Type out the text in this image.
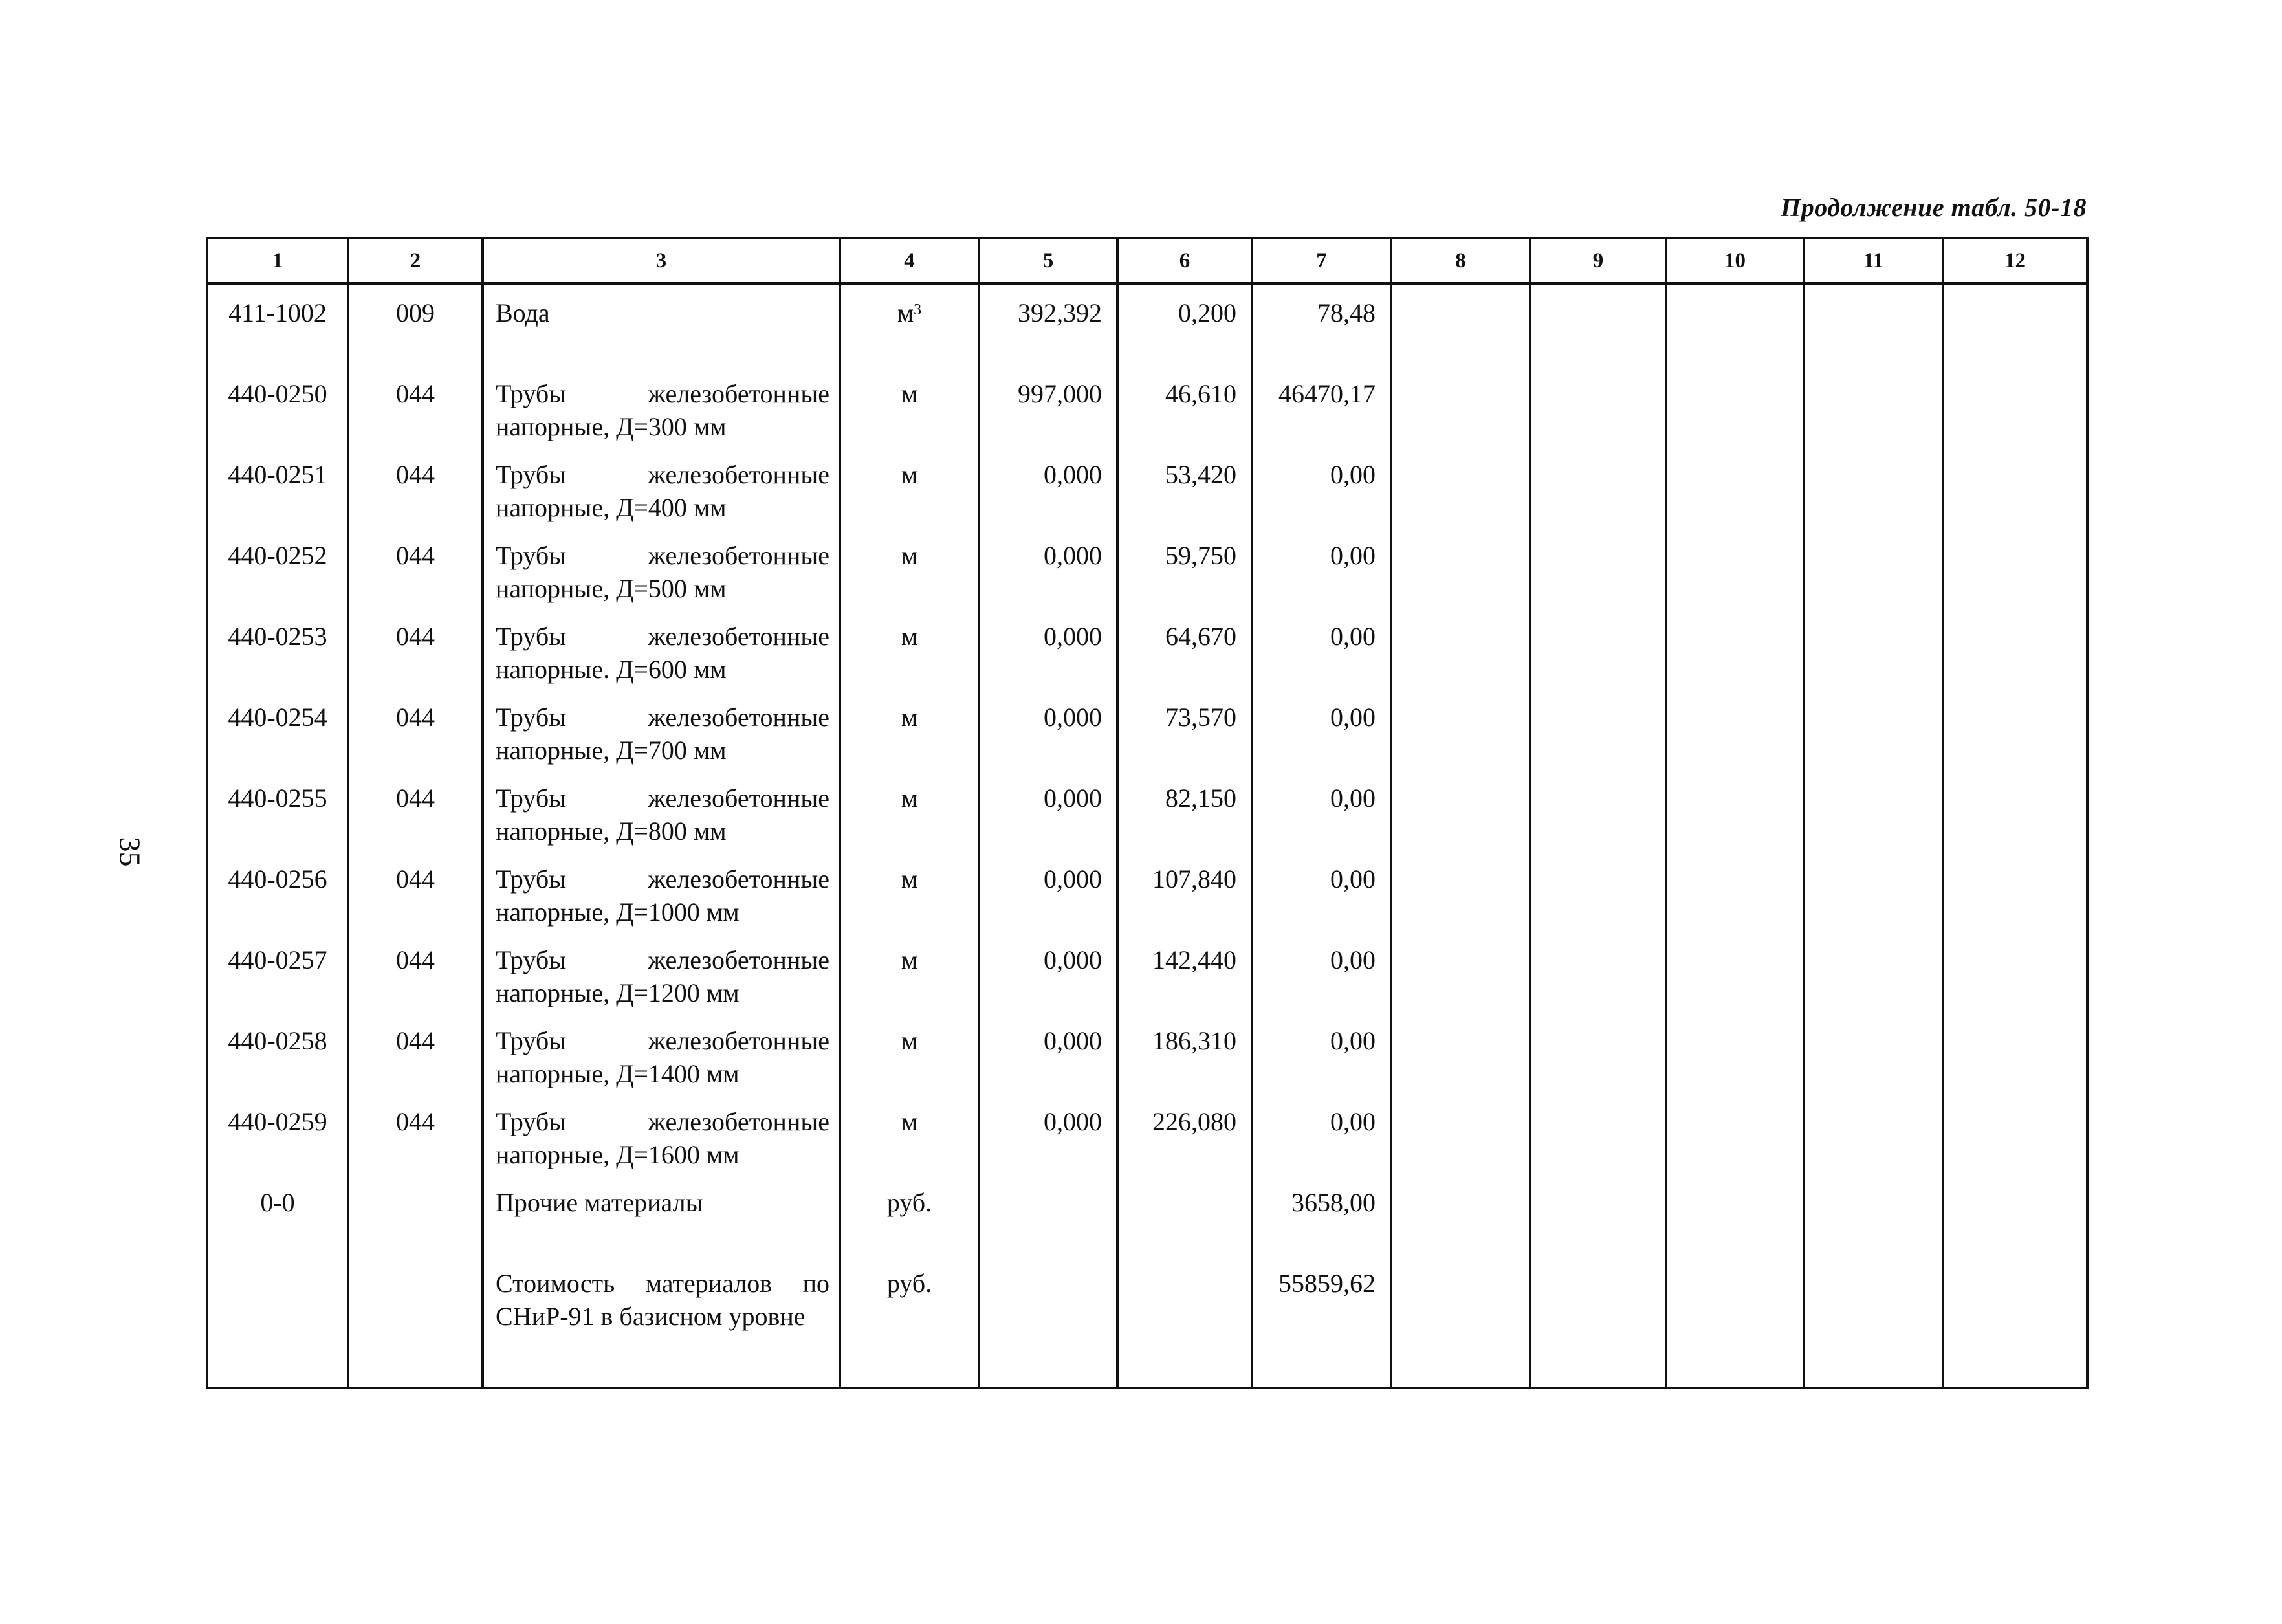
Продолжение табл. 50-18
35
1	2	3	4	5	6	7	8	9	10	11	12
411-1002	009	Вода	$м^3$	392,392	0,200	78,48					
440-0250	044	Трубы железобетонные напорные, Д=300 мм	м	997,000	46,610	46470,17					
440-0251	044	Трубы железобетонные напорные, Д=400 мм	м	0,000	53,420	0,00					
440-0252	044	Трубы железобетонные напорные, Д=500 мм	м	0,000	59,750	0,00					
440-0253	044	Трубы железобетонные напорные. Д=600 мм	м	0,000	64,670	0,00					
440-0254	044	Трубы железобетонные напорные, Д=700 мм	м	0,000	73,570	0,00					
440-0255	044	Трубы железобетонные напорные, Д=800 мм	м	0,000	82,150	0,00					
440-0256	044	Трубы железобетонные напорные, Д=1000 мм	м	0,000	107,840	0,00					
440-0257	044	Трубы железобетонные напорные, Д=1200 мм	м	0,000	142,440	0,00					
440-0258	044	Трубы железобетонные напорные, Д=1400 мм	м	0,000	186,310	0,00					
440-0259	044	Трубы железобетонные напорные, Д=1600 мм	м	0,000	226,080	0,00					
0-0		Прочие материалы	руб.			3658,00					
		Стоимость материалов по СНиР-91 в базисном уровне	руб.			55859,62					
